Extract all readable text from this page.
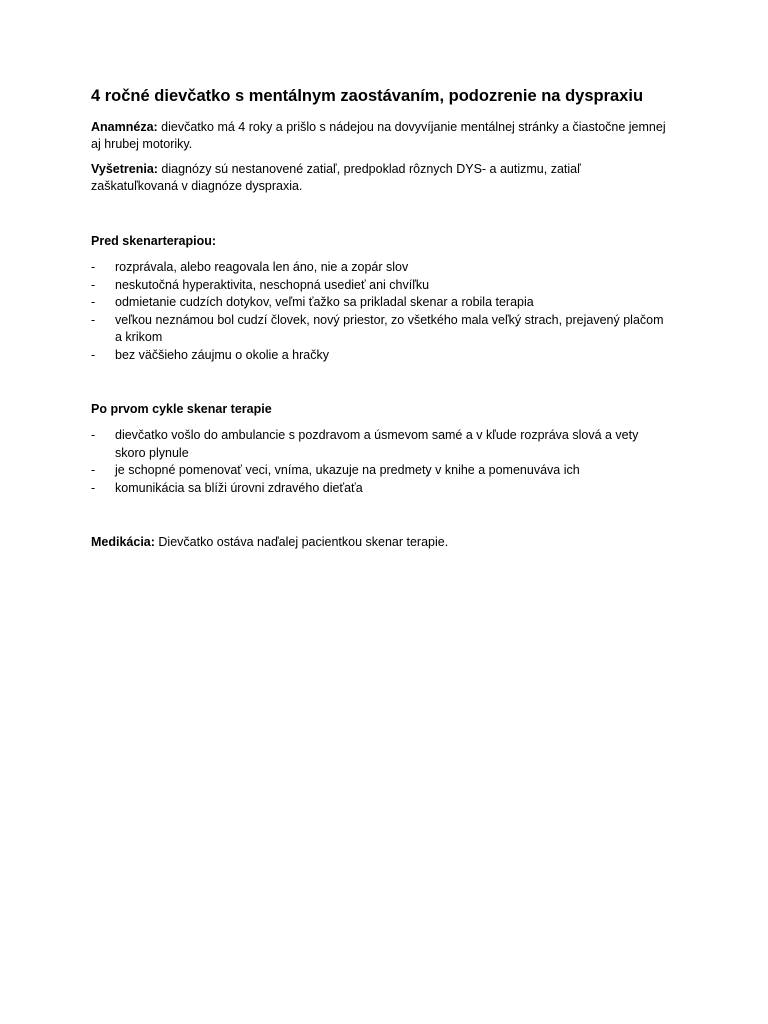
4 ročné dievčatko s mentálnym zaostávaním, podozrenie na dyspraxiu

Anamnéza: dievčatko má 4 roky a prišlo s nádejou na dovyvíjanie mentálnej stránky a čiastočne jemnej aj hrubej motoriky.

Vyšetrenia: diagnózy sú nestanovené zatiaľ, predpoklad rôznych DYS- a autizmu, zatiaľ zaškatuľkovaná v diagnóze dyspraxia.

Pred skenarterapiou:
- rozprávala, alebo reagovala len áno, nie a zopár slov
- neskutočná hyperaktivita, neschopná usedieť ani chvíľku
- odmietanie cudzích dotykov, veľmi ťažko sa prikladal skenar a robila terapia
- veľkou neznámou bol cudzí človek, nový priestor, zo všetkého mala veľký strach, prejavený plačom a krikom
- bez väčšieho záujmu o okolie a hračky
Po prvom cykle skenar terapie
- dievčatko vošlo do ambulancie s pozdravom a úsmevom samé a v kľude rozpráva slová a vety skoro plynule
- je schopné pomenovať veci, vníma, ukazuje na predmety v knihe a pomenuváva ich
- komunikácia sa blíži úrovni zdravého dieťaťa

Medikácia: Dievčatko ostáva naďalej pacientkou skenar terapie.
